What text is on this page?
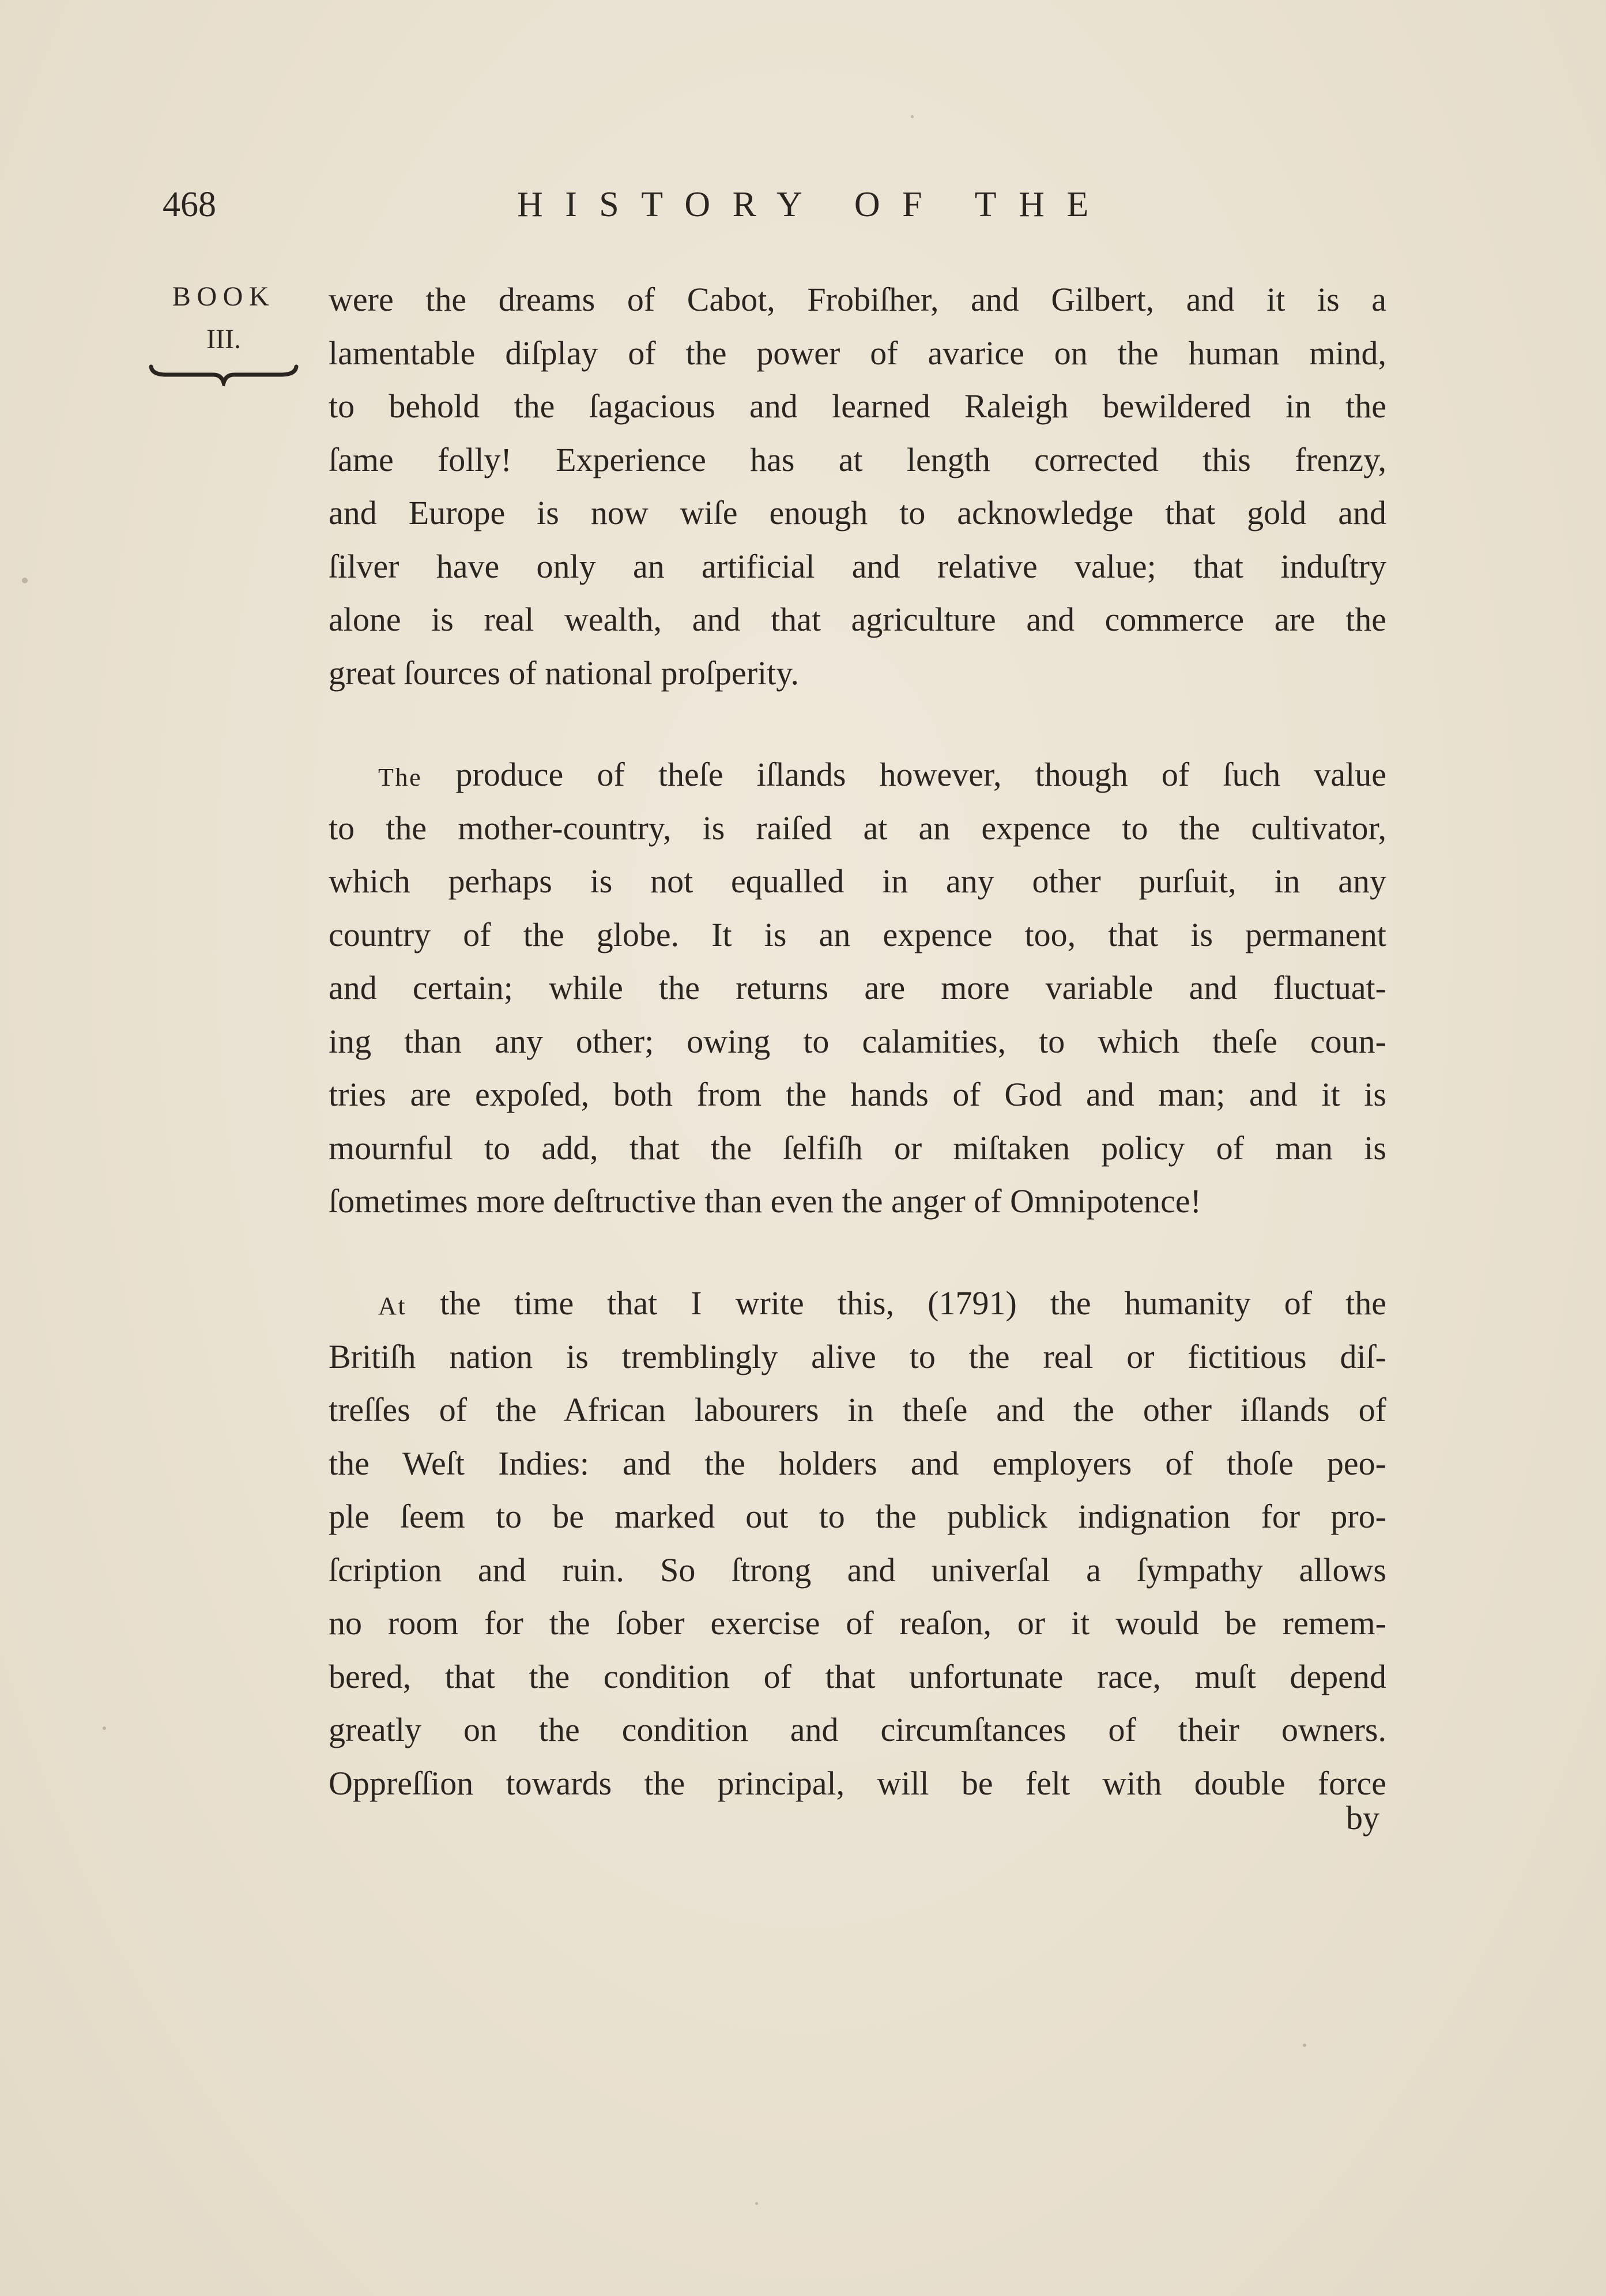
468	HISTORY OF THE
BOOK
III.
were the dreams of Cabot, Frobiſher, and Gilbert, and it is a
lamentable diſplay of the power of avarice on the human mind,
to behold the ſagacious and learned Raleigh bewildered in the
ſame folly! Experience has at length corrected this frenzy,
and Europe is now wiſe enough to acknowledge that gold and
ſilver have only an artificial and relative value; that induſtry
alone is real wealth, and that agriculture and commerce are the
great ſources of national proſperity.
The produce of theſe iſlands however, though of ſuch value
to the mother-country, is raiſed at an expence to the cultivator,
which perhaps is not equalled in any other purſuit, in any
country of the globe. It is an expence too, that is permanent
and certain; while the returns are more variable and fluctuat-
ing than any other; owing to calamities, to which theſe coun-
tries are expoſed, both from the hands of God and man; and it is
mournful to add, that the ſelfiſh or miſtaken policy of man is
ſometimes more deſtructive than even the anger of Omnipotence!
At the time that I write this, (1791) the humanity of the
Britiſh nation is tremblingly alive to the real or fictitious diſ-
treſſes of the African labourers in theſe and the other iſlands of
the Weſt Indies: and the holders and employers of thoſe peo-
ple ſeem to be marked out to the publick indignation for pro-
ſcription and ruin. So ſtrong and univerſal a ſympathy allows
no room for the ſober exercise of reaſon, or it would be remem-
bered, that the condition of that unfortunate race, muſt depend
greatly on the condition and circumſtances of their owners.
Oppreſſion towards the principal, will be felt with double force
by
